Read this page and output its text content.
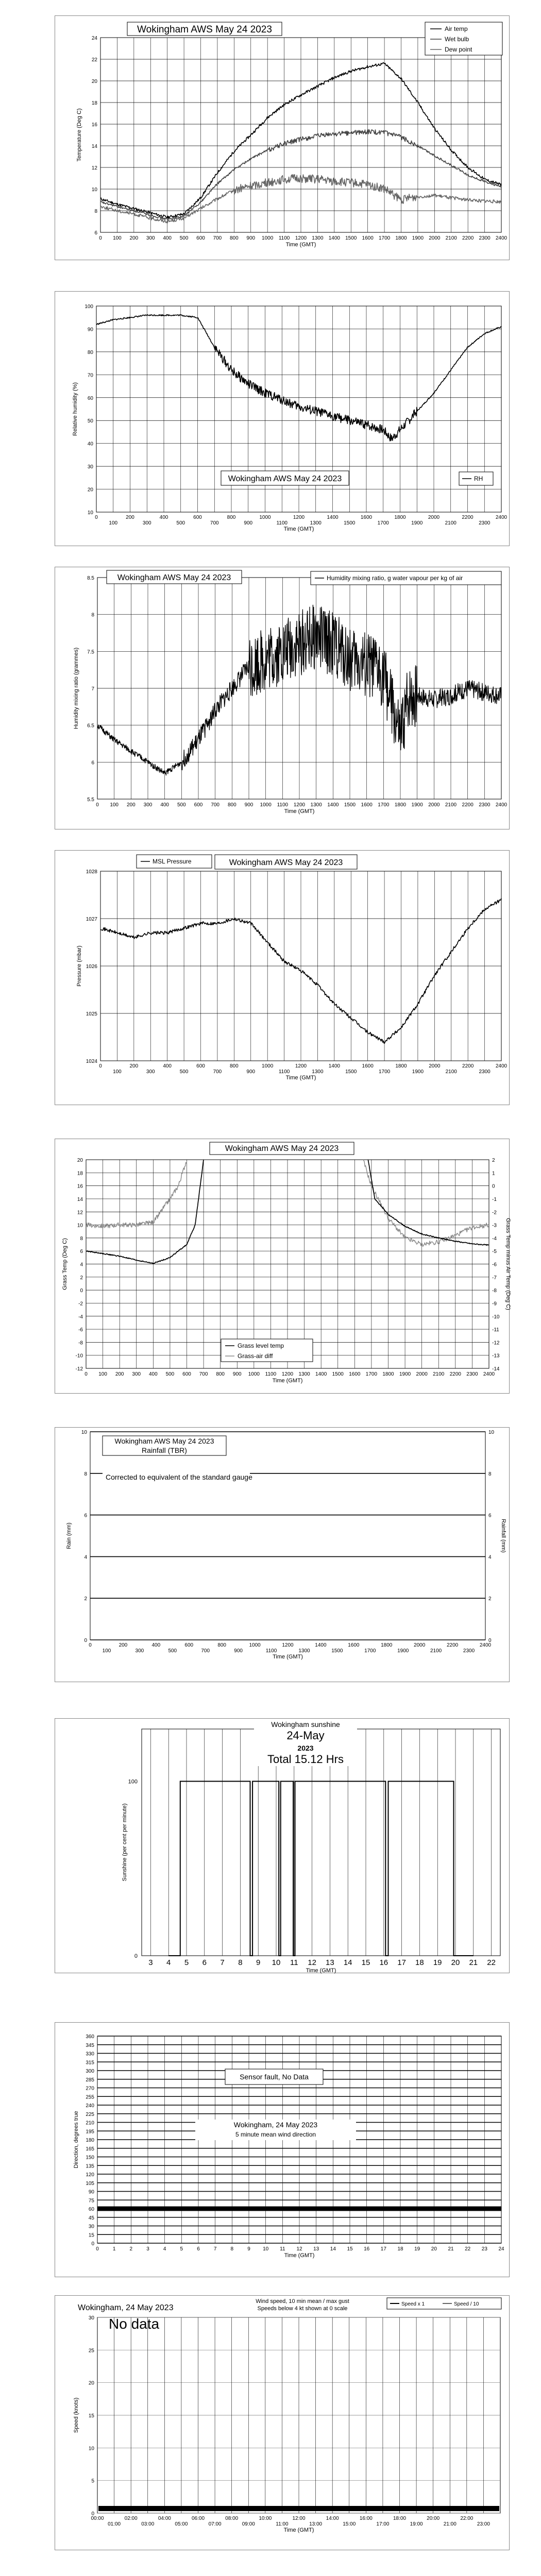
6
8
10
12
14
16
18
20
22
24
0 100 200 300 400 500 600 700 800 900 1000 1100 1200 1300 1400 1500 1600 1700 1800 1900 2000 2100 2200 2300 2400
Time (GMT)
Temperature (Deg C)
Wokingham AWS May 24 2023	Air temp
Wet bulb
Dew point
10
20
30
40
50
60
70
80
90
100
0	200	400	600	800	1000	1200	1400	1600	1800	2000	2200	2400
100	300	500	700	900	1100	1300	1500	1700	1900	2100	2300
Time (GMT)
Relative humidity (%)
Wokingham AWS May 24 2023	RH
5.5
6
6.5
7
7.5
8
8.5
0 100 200 300 400 500 600 700 800 900 1000 1100 1200 1300 1400 1500 1600 1700 1800 1900 2000 2100 2200 2300 2400
Time (GMT)
Humidity mixing ratio (grammes)
Wokingham AWS May 24 2023	Humidity mixing ratio, g water vapour per kg of air
1024
1025
1026
1027
1028
0	200	400	600	800	1000	1200	1400	1600	1800	2000	2200	2400
100	300	500	700	900	1100	1300	1500	1700	1900	2100	2300
Time (GMT)
Pressure (mbar)
MSL Pressure	Wokingham AWS May 24 2023
-12
-10
-8
-6
-4
-2
0
2
4
6
8
10
12
14
16
18
20
0 100 200 300 400 500 600 700 800 900 1000 1100 1200 1300 1400 1500 1600 1700 1800 1900 2000 2100 2200 2300 2400
Time (GMT)
Grass Temp (Deg C)
-14
-13
-12
-11
-10
-9
-8
-7
-6
-5
-4
-3
-2
-1
0
1
2
Grass Temp minus Air Temp (Deg C)
Wokingham AWS May 24 2023
Grass level temp
Grass-air diff
0
2
4
6
8
10
0	200	400	600	800	1000	1200	1400	1600	1800	2000	2200	2400
100	300	500	700	900	1100	1300	1500	1700	1900	2100	2300
Time (GMT)
Rain (mm)
0
2
4
6
8
10
Rainfall (mm)
Wokingham AWS May 24 2023
Rainfall (TBR)
Corrected to equivalent of the standard gauge
3 4 5 6 7 8 9 10 11 12 13 14 15 16 17 18 19 20 21 22
0
100
Time (GMT)
Sunshine (per cent per minute)
Wokingham sunshine
24-May
2023
Total 15.12 Hrs
0
15
30
45
60
75
90
105
120
135
150
165
180
195
210
225
240
255
270
285
300
315
330
345
360
0	1	2	3	4	5	6	7	8	9 10 11 12 13 14 15 16 17 18 19 20 21 22 23 24
Time (GMT)
Direction, degrees true
Sensor fault, No Data
Wokingham, 24 May 2023
5 minute mean wind direction
0
5
10
15
20
25
30
00:00	02:00	04:00	06:00	08:00	10:00	12:00	14:00	16:00	18:00	20:00	22:00
01:00	03:00	05:00	07:00	09:00	11:00	13:00	15:00	17:00	19:00	21:00	23:00
Time (GMT)
Speed (knots)
Wokingham, 24 May 2023
No data
Wind speed, 10 min mean / max gust
Speeds below 4 kt shown at 0 scale
Speed x 1	Speed / 10
